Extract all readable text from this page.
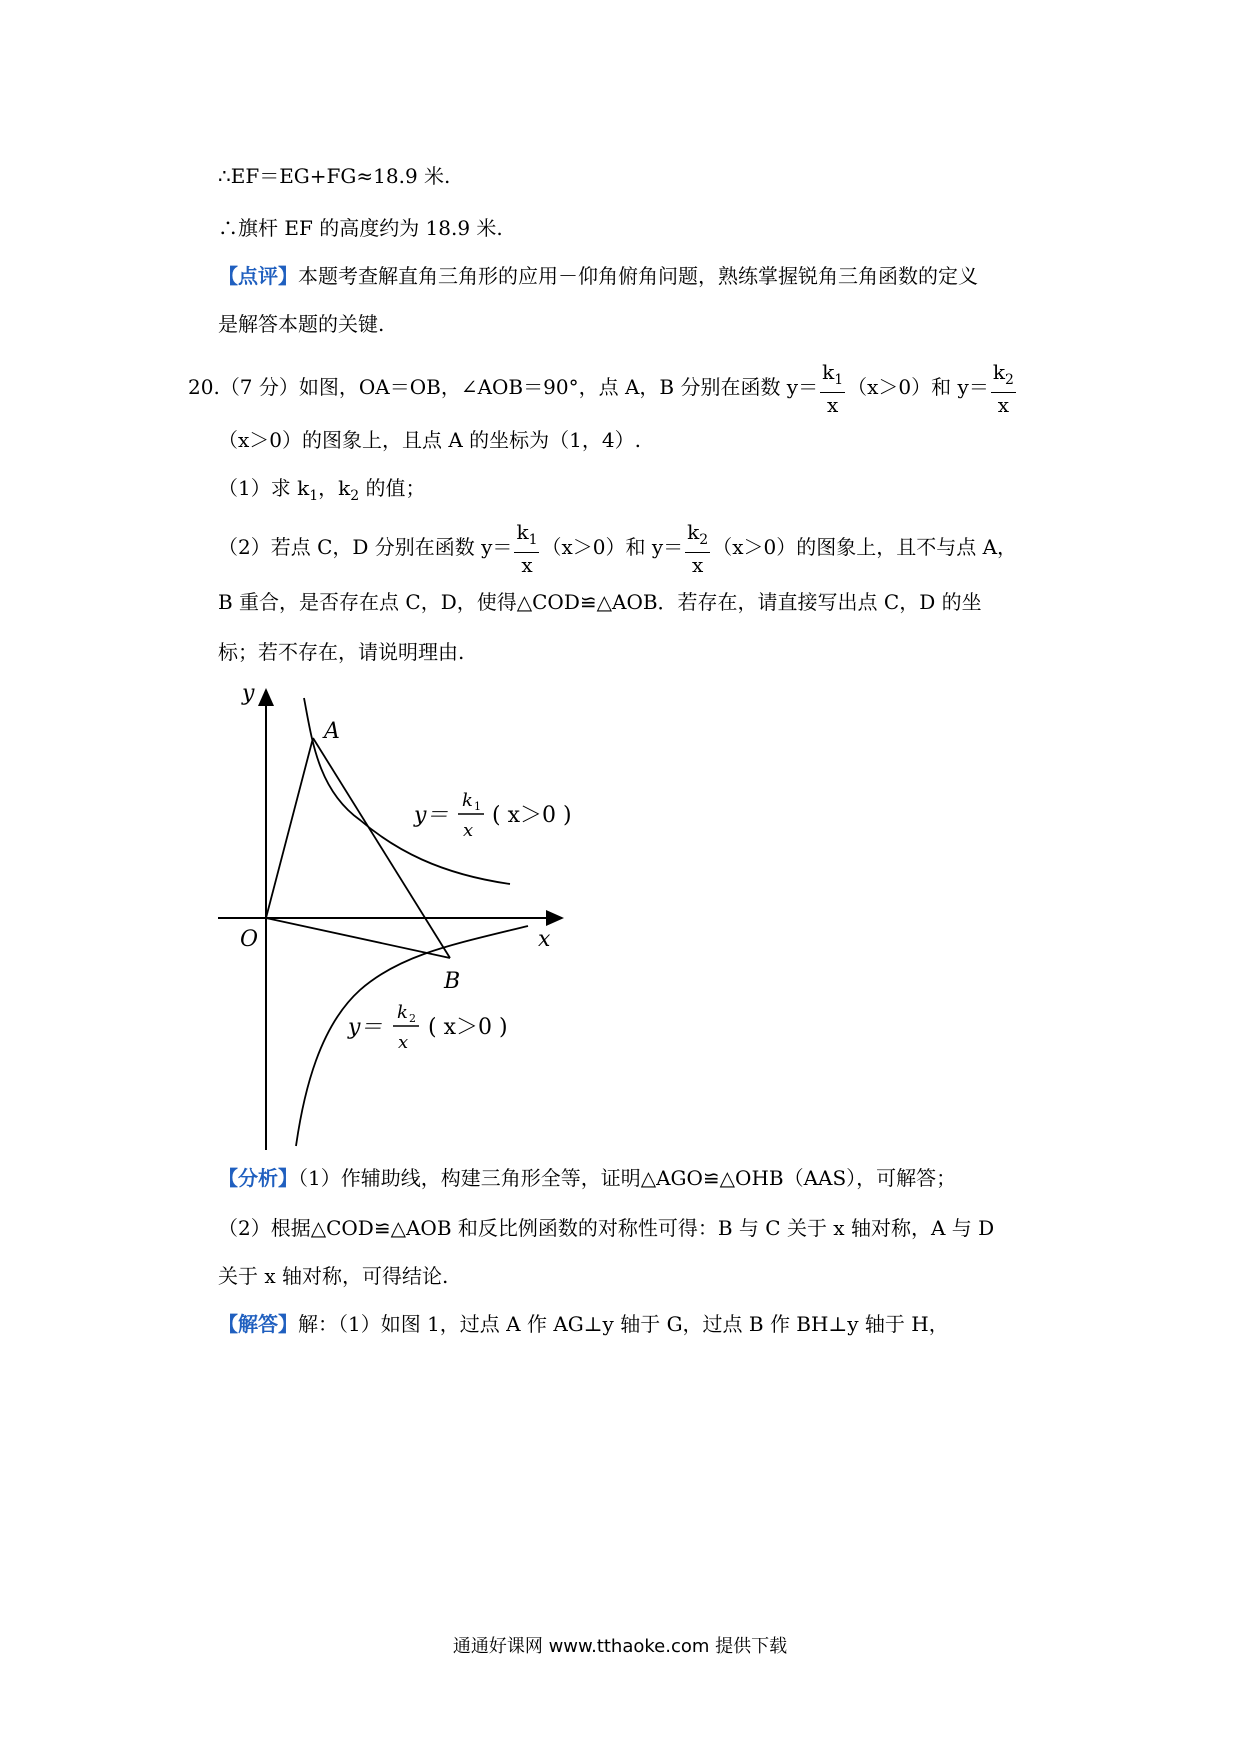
∴EF＝EG+FG≈18.9 米.
∴旗杆 EF 的高度约为 18.9 米.
【点评】本题考查解直角三角形的应用－仰角俯角问题，熟练掌握锐角三角函数的定义
是解答本题的关键.
20.（7 分）如图，OA＝OB，∠AOB＝90°，点 A，B 分别在函数 $y= \frac{k_1}{x} (x>0)$和 $y= \frac{k_2}{x}$
（x＞0）的图象上，且点 A 的坐标为（1，4）.
（1）求 $k_1$，$k_2$ 的值；
（2）若点 C，D 分别在函数 $y= \frac{k_1}{x} (x>0)$和 $y= \frac{k_2}{x} (x>0)$的图象上，且不与点 A，
B 重合，是否存在点 C，D，使得△COD≌△AOB．若存在，请直接写出点 C，D 的坐
标；若不存在，请说明理由.
y
x
O
A
B
y＝
k 1
x
( x＞0 )
y＝
k 2
x
( x＞0 )
【分析】（1）作辅助线，构建三角形全等，证明△AGO≌△OHB（AAS），可解答；
（2）根据△COD≌△AOB 和反比例函数的对称性可得：B 与 C 关于 x 轴对称，A 与 D
关于 x 轴对称，可得结论.
【解答】解：（1）如图 1，过点 A 作 AG⊥y 轴于 G，过点 B 作 BH⊥y 轴于 H，
通通好课网 www.tthaoke.com 提供下载
